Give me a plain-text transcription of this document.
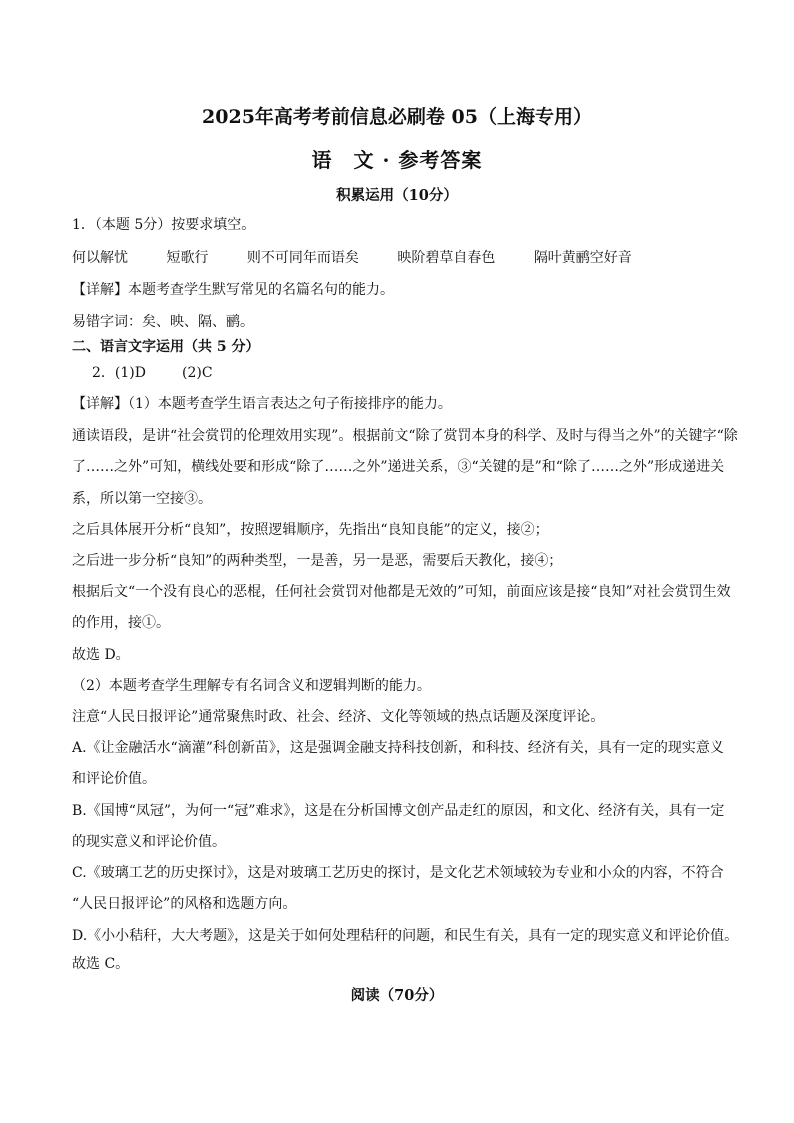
2025年高考考前信息必刷卷 05（上海专用）
语　文 · 参考答案
积累运用（10分）
1．（本题 5分）按要求填空。
何以解忧	短歌行	则不可同年而语矣	映阶碧草自春色	隔叶黄鹂空好音
【详解】本题考查学生默写常见的名篇名句的能力。
易错字词：矣、映、隔、鹂。
二、语言文字运用（共 5 分）
2．(1)D	(2)C
【详解】（1）本题考查学生语言表达之句子衔接排序的能力。
通读语段，是讲“社会赏罚的伦理效用实现”。根据前文“除了赏罚本身的科学、及时与得当之外”的关键字“除
了……之外”可知，横线处要和形成“除了……之外”递进关系，③“关键的是”和“除了……之外”形成递进关
系，所以第一空接③。
之后具体展开分析“良知”，按照逻辑顺序，先指出“良知良能”的定义，接②；
之后进一步分析“良知”的两种类型，一是善，另一是恶，需要后天教化，接④；
根据后文“一个没有良心的恶棍，任何社会赏罚对他都是无效的”可知，前面应该是接“良知”对社会赏罚生效
的作用，接①。
故选 D。
（2）本题考查学生理解专有名词含义和逻辑判断的能力。
注意“人民日报评论”通常聚焦时政、社会、经济、文化等领域的热点话题及深度评论。
A.《让金融活水“滴灌”科创新苗》，这是强调金融支持科技创新，和科技、经济有关，具有一定的现实意义
和评论价值。
B.《国博“凤冠”，为何一“冠”难求》，这是在分析国博文创产品走红的原因，和文化、经济有关，具有一定
的现实意义和评论价值。
C.《玻璃工艺的历史探讨》，这是对玻璃工艺历史的探讨，是文化艺术领域较为专业和小众的内容，不符合
“人民日报评论”的风格和选题方向。
D.《小小秸秆，大大考题》，这是关于如何处理秸秆的问题，和民生有关，具有一定的现实意义和评论价值。
故选 C。
阅读（70分）
